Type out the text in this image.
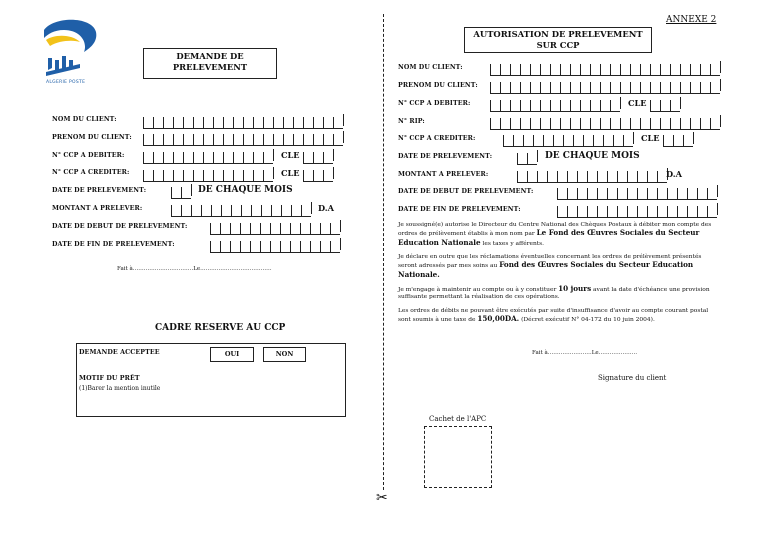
ANNEXE 2
ALGERIE POSTE
DEMANDE DE PRELEVEMENT
NOM DU CLIENT:
PRENOM DU CLIENT:
N° CCP A DEBITER:	CLE
N° CCP A CREDITER:	CLE
DATE DE PRELEVEMENT:	DE CHAQUE MOIS
MONTANT A PRELEVER:	D.A
DATE DE DEBUT DE PRELEVEMENT:
DATE DE FIN DE PRELEVEMENT:
Fait à……………………………Le…………………………………
CADRE RESERVE AU CCP
DEMANDE ACCEPTEE	OUI	NON
MOTIF DU PRÊT
(1)Barer la mention inutile
✂
AUTORISATION DE PRELEVEMENT SUR CCP
NOM DU CLIENT:
PRENOM DU CLIENT:
N° CCP A DEBITER:	CLE
N° RIP:
N° CCP A CREDITER:	CLE
DATE DE PRELEVEMENT:	DE CHAQUE MOIS
MONTANT A PRELEVER:	D.A
DATE DE DEBUT DE PRELEVEMENT:
DATE DE FIN DE PRELEVEMENT:
Je soussigné(e) autorise le Directeur du Centre National des Chèques Postaux à débiter mon compte des ordres de prélèvement établis à mon nom par Le Fond des Œuvres Sociales du Secteur Education Nationale les taxes y afférents.
Je déclare en outre que les réclamations éventuelles concernant les ordres de prélèvement présentés seront adressés par mes soins au Fond des Œuvres Sociales du Secteur Education Nationale.
Je m'engage à maintenir au compte ou à y constituer 10 jours avant la date d'échéance une provision suffisante permettant la réalisation de ces opérations.
Les ordres de débits ne pouvant être exécutés par suite d'insuffisance d'avoir au compte courant postal sont soumis à une taxe de 150,00DA. (Décret exécutif N° 04-172 du 10 juin 2004).
Fait à……………………Le…………………
Signature du client
Cachet de l'APC
